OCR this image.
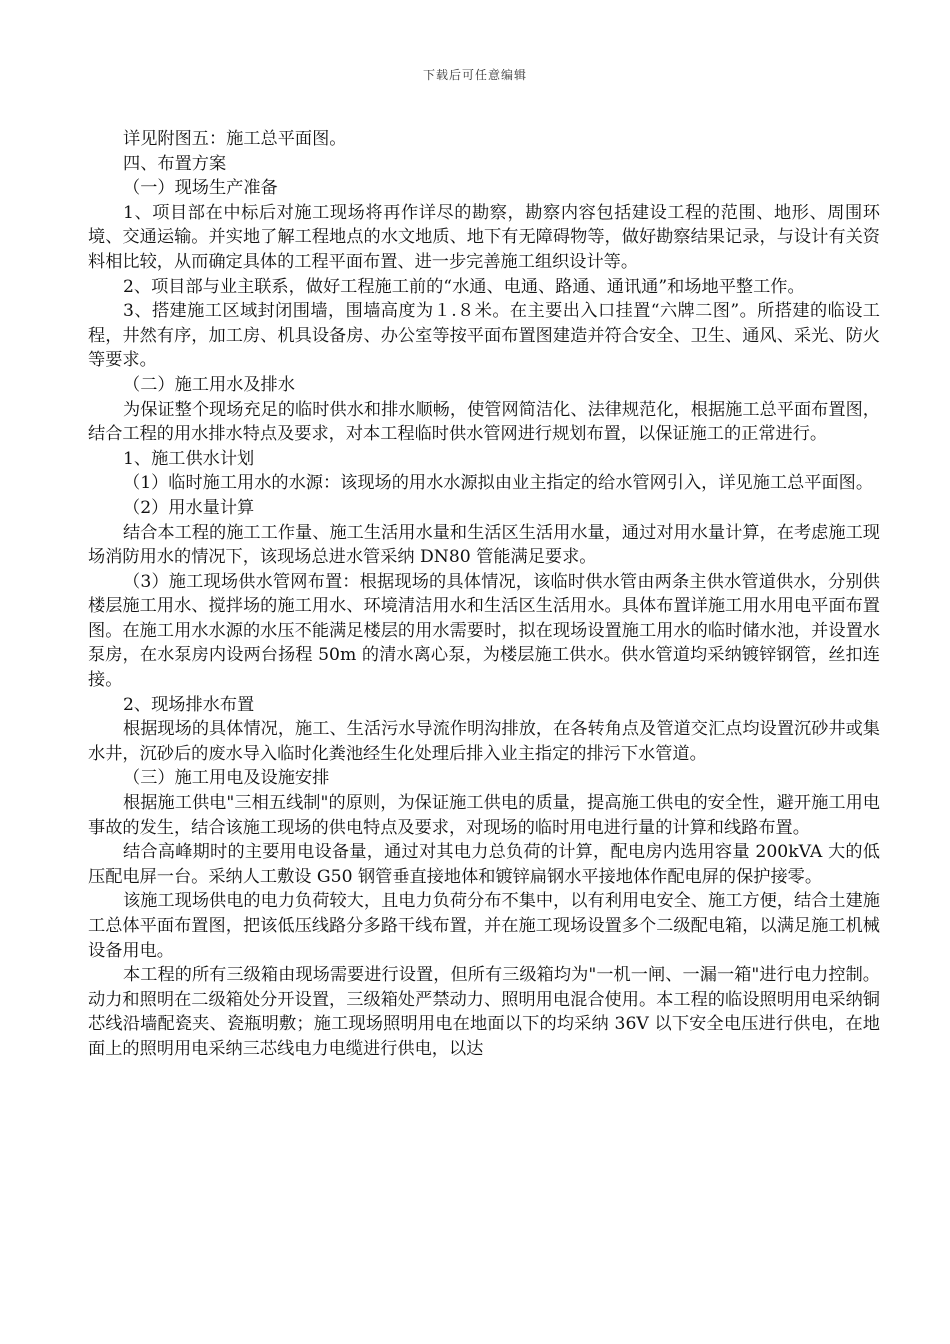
下载后可任意编辑

详见附图五：施工总平面图。

四、布置方案

（一）现场生产准备

1、项目部在中标后对施工现场将再作详尽的勘察，勘察内容包括建设工程的范围、地形、周围环境、交通运输。并实地了解工程地点的水文地质、地下有无障碍物等，做好勘察结果记录，与设计有关资料相比较，从而确定具体的工程平面布置、进一步完善施工组织设计等。

2、项目部与业主联系，做好工程施工前的“水通、电通、路通、通讯通”和场地平整工作。

3、搭建施工区域封闭围墙，围墙高度为１.８米。在主要出入口挂置“六牌二图”。所搭建的临设工程，井然有序，加工房、机具设备房、办公室等按平面布置图建造并符合安全、卫生、通风、采光、防火等要求。

（二）施工用水及排水

为保证整个现场充足的临时供水和排水顺畅，使管网简洁化、法律规范化，根据施工总平面布置图，结合工程的用水排水特点及要求，对本工程临时供水管网进行规划布置，以保证施工的正常进行。

1、施工供水计划

（1）临时施工用水的水源：该现场的用水水源拟由业主指定的给水管网引入，详见施工总平面图。

（2）用水量计算

结合本工程的施工工作量、施工生活用水量和生活区生活用水量，通过对用水量计算，在考虑施工现场消防用水的情况下，该现场总进水管采纳 DN80 管能满足要求。

（3）施工现场供水管网布置：根据现场的具体情况，该临时供水管由两条主供水管道供水，分别供楼层施工用水、搅拌场的施工用水、环境清洁用水和生活区生活用水。具体布置详施工用水用电平面布置图。在施工用水水源的水压不能满足楼层的用水需要时，拟在现场设置施工用水的临时储水池，并设置水泵房，在水泵房内设两台扬程 50m 的清水离心泵，为楼层施工供水。供水管道均采纳镀锌钢管，丝扣连接。

2、现场排水布置

根据现场的具体情况，施工、生活污水导流作明沟排放，在各转角点及管道交汇点均设置沉砂井或集水井，沉砂后的废水导入临时化粪池经生化处理后排入业主指定的排污下水管道。

（三）施工用电及设施安排

根据施工供电"三相五线制"的原则，为保证施工供电的质量，提高施工供电的安全性，避开施工用电事故的发生，结合该施工现场的供电特点及要求，对现场的临时用电进行量的计算和线路布置。

结合高峰期时的主要用电设备量，通过对其电力总负荷的计算，配电房内选用容量 200kVA 大的低压配电屏一台。采纳人工敷设 G50 钢管垂直接地体和镀锌扁钢水平接地体作配电屏的保护接零。

该施工现场供电的电力负荷较大，且电力负荷分布不集中，以有利用电安全、施工方便，结合土建施工总体平面布置图，把该低压线路分多路干线布置，并在施工现场设置多个二级配电箱，以满足施工机械设备用电。

本工程的所有三级箱由现场需要进行设置，但所有三级箱均为"一机一闸、一漏一箱"进行电力控制。动力和照明在二级箱处分开设置，三级箱处严禁动力、照明用电混合使用。本工程的临设照明用电采纳铜芯线沿墙配瓷夹、瓷瓶明敷；施工现场照明用电在地面以下的均采纳 36V 以下安全电压进行供电，在地面上的照明用电采纳三芯线电力电缆进行供电，以达
